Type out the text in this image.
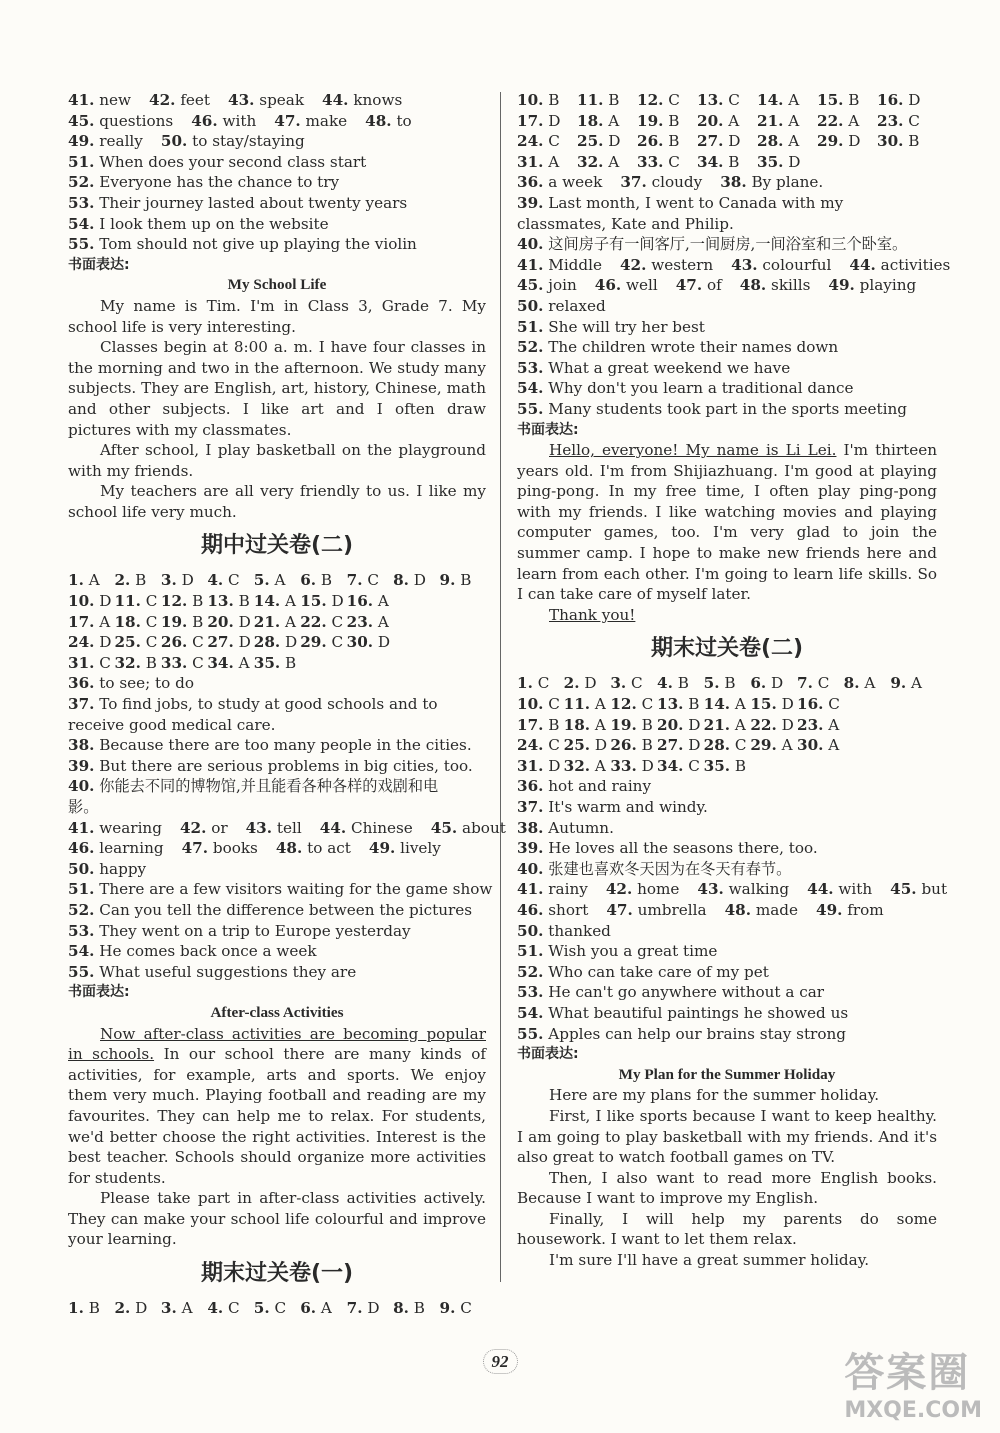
41. new 42. feet 43. speak 44. knows
45. questions 46. with 47. make 48. to
49. really 50. to stay/staying
51. When does your second class start
52. Everyone has the chance to try
53. Their journey lasted about twenty years
54. I look them up on the website
55. Tom should not give up playing the violin
书面表达:
My School Life
My name is Tim. I'm in Class 3, Grade 7. My school life is very interesting.
Classes begin at 8:00 a. m. I have four classes in the morning and two in the afternoon. We study many subjects. They are English, art, history, Chinese, math and other subjects. I like art and I often draw pictures with my classmates.
After school, I play basketball on the playground with my friends.
My teachers are all very friendly to us. I like my school life very much.
期中过关卷(二)
1. A 2. B 3. D 4. C 5. A 6. B 7. C 8. D 9. B
10. D 11. C 12. B 13. B 14. A 15. D 16. A
17. A 18. C 19. B 20. D 21. A 22. C 23. A
24. D 25. C 26. C 27. D 28. D 29. C 30. D
31. C 32. B 33. C 34. A 35. B
36. to see; to do
37. To find jobs, to study at good schools and to receive good medical care.
38. Because there are too many people in the cities.
39. But there are serious problems in big cities, too.
40. 你能去不同的博物馆,并且能看各种各样的戏剧和电影。
41. wearing 42. or 43. tell 44. Chinese 45. about
46. learning 47. books 48. to act 49. lively
50. happy
51. There are a few visitors waiting for the game show
52. Can you tell the difference between the pictures
53. They went on a trip to Europe yesterday
54. He comes back once a week
55. What useful suggestions they are
书面表达:
After-class Activities
Now after-class activities are becoming popular in schools. In our school there are many kinds of activities, for example, arts and sports. We enjoy them very much. Playing football and reading are my favourites. They can help me to relax. For students, we'd better choose the right activities. Interest is the best teacher. Schools should organize more activities for students.
Please take part in after-class activities actively. They can make your school life colourful and improve your learning.
期末过关卷(一)
1. B 2. D 3. A 4. C 5. C 6. A 7. D 8. B 9. C
10. B	11. B	12. C	13. C	14. A	15. B	16. D
17. D	18. A	19. B	20. A	21. A	22. A	23. C
24. C	25. D	26. B	27. D	28. A	29. D	30. B
31. A	32. A	33. C	34. B	35. D
36. a week 37. cloudy 38. By plane.
39. Last month, I went to Canada with my classmates, Kate and Philip.
40. 这间房子有一间客厅,一间厨房,一间浴室和三个卧室。
41. Middle 42. western 43. colourful 44. activities
45. join 46. well 47. of 48. skills 49. playing
50. relaxed
51. She will try her best
52. The children wrote their names down
53. What a great weekend we have
54. Why don't you learn a traditional dance
55. Many students took part in the sports meeting
书面表达:
Hello, everyone! My name is Li Lei. I'm thirteen years old. I'm from Shijiazhuang. I'm good at playing ping-pong. In my free time, I often play ping-pong with my friends. I like watching movies and playing computer games, too. I'm very glad to join the summer camp. I hope to make new friends here and learn from each other. I'm going to learn life skills. So I can take care of myself later.
Thank you!
期末过关卷(二)
1. C 2. D 3. C 4. B 5. B 6. D 7. C 8. A 9. A
10. C 11. A 12. C 13. B 14. A 15. D 16. C
17. B 18. A 19. B 20. D 21. A 22. D 23. A
24. C 25. D 26. B 27. D 28. C 29. A 30. A
31. D 32. A 33. D 34. C 35. B
36. hot and rainy
37. It's warm and windy.
38. Autumn.
39. He loves all the seasons there, too.
40. 张建也喜欢冬天因为在冬天有春节。
41. rainy 42. home 43. walking 44. with 45. but
46. short 47. umbrella 48. made 49. from
50. thanked
51. Wish you a great time
52. Who can take care of my pet
53. He can't go anywhere without a car
54. What beautiful paintings he showed us
55. Apples can help our brains stay strong
书面表达:
My Plan for the Summer Holiday
Here are my plans for the summer holiday.
First, I like sports because I want to keep healthy. I am going to play basketball with my friends. And it's also great to watch football games on TV.
Then, I also want to read more English books. Because I want to improve my English.
Finally, I will help my parents do some housework. I want to let them relax.
I'm sure I'll have a great summer holiday.
92	答案圈
MXQE.COM
